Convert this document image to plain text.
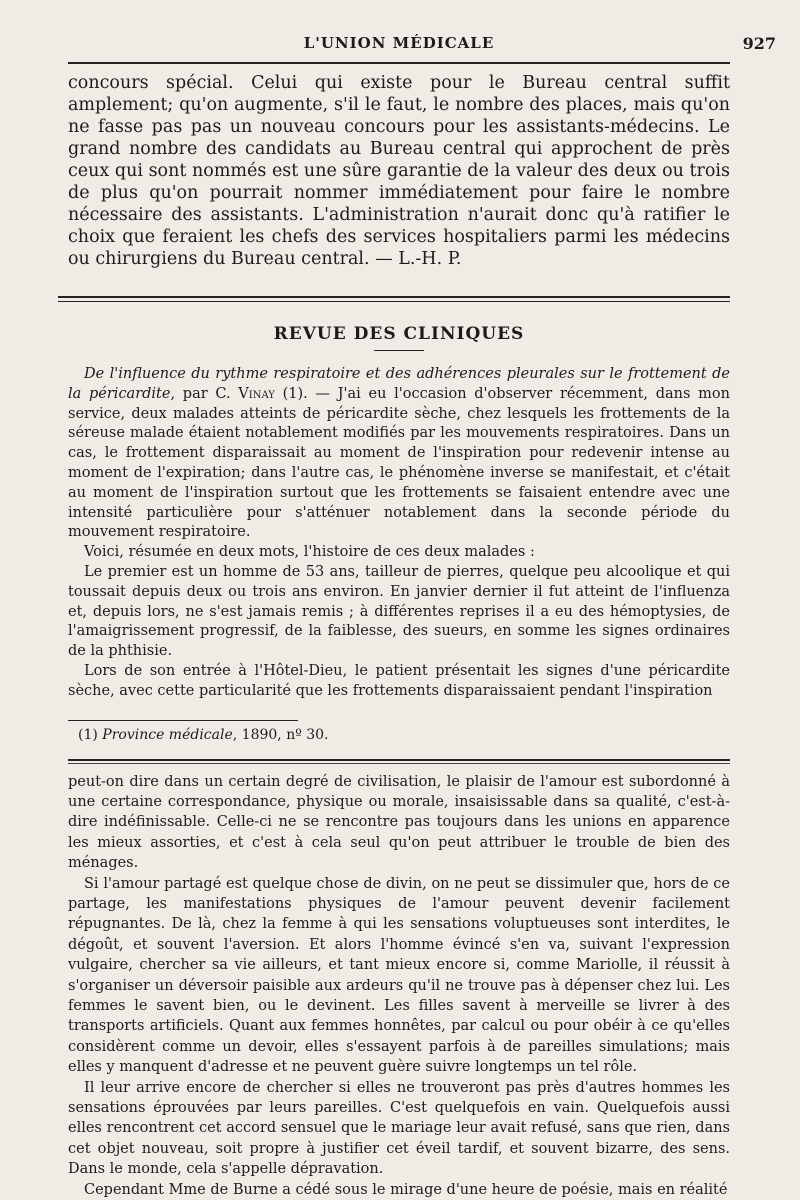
L'UNION MÉDICALE	927

concours spécial. Celui qui existe pour le Bureau central suffit amplement; qu'on augmente, s'il le faut, le nombre des places, mais qu'on ne fasse pas pas un nouveau concours pour les assistants-médecins. Le grand nombre des candidats au Bureau central qui approchent de près ceux qui sont nommés est une sûre garantie de la valeur des deux ou trois de plus qu'on pourrait nommer immédiatement pour faire le nombre nécessaire des assistants. L'administration n'aurait donc qu'à ratifier le choix que feraient les chefs des services hospitaliers parmi les médecins ou chirurgiens du Bureau central. — L.-H. P.

REVUE DES CLINIQUES

De l'influence du rythme respiratoire et des adhérences pleurales sur le frottement de la péricardite, par C. Vinay (1). — J'ai eu l'occasion d'observer récemment, dans mon service, deux malades atteints de péricardite sèche, chez lesquels les frottements de la séreuse malade étaient notablement modifiés par les mouvements respiratoires. Dans un cas, le frottement disparaissait au moment de l'inspiration pour redevenir intense au moment de l'expiration; dans l'autre cas, le phénomène inverse se manifestait, et c'était au moment de l'inspiration surtout que les frottements se faisaient entendre avec une intensité particulière pour s'atténuer notablement dans la seconde période du mouvement respiratoire.

Voici, résumée en deux mots, l'histoire de ces deux malades :

Le premier est un homme de 53 ans, tailleur de pierres, quelque peu alcoolique et qui toussait depuis deux ou trois ans environ. En janvier dernier il fut atteint de l'influenza et, depuis lors, ne s'est jamais remis ; à différentes reprises il a eu des hémoptysies, de l'amaigrissement progressif, de la faiblesse, des sueurs, en somme les signes ordinaires de la phthisie.

Lors de son entrée à l'Hôtel-Dieu, le patient présentait les signes d'une péricardite sèche, avec cette particularité que les frottements disparaissaient pendant l'inspiration

(1) Province médicale, 1890, nº 30.

peut-on dire dans un certain degré de civilisation, le plaisir de l'amour est subordonné à une certaine correspondance, physique ou morale, insaisissable dans sa qualité, c'est-à-dire indéfinissable. Celle-ci ne se rencontre pas toujours dans les unions en apparence les mieux assorties, et c'est à cela seul qu'on peut attribuer le trouble de bien des ménages.

Si l'amour partagé est quelque chose de divin, on ne peut se dissimuler que, hors de ce partage, les manifestations physiques de l'amour peuvent devenir facilement répugnantes. De là, chez la femme à qui les sensations voluptueuses sont interdites, le dégoût, et souvent l'aversion. Et alors l'homme évincé s'en va, suivant l'expression vulgaire, chercher sa vie ailleurs, et tant mieux encore si, comme Mariolle, il réussit à s'organiser un déversoir paisible aux ardeurs qu'il ne trouve pas à dépenser chez lui. Les femmes le savent bien, ou le devinent. Les filles savent à merveille se livrer à des transports artificiels. Quant aux femmes honnêtes, par calcul ou pour obéir à ce qu'elles considèrent comme un devoir, elles s'essayent parfois à de pareilles simulations; mais elles y manquent d'adresse et ne peuvent guère suivre longtemps un tel rôle.

Il leur arrive encore de chercher si elles ne trouveront pas près d'autres hommes les sensations éprouvées par leurs pareilles. C'est quelquefois en vain. Quelquefois aussi elles rencontrent cet accord sensuel que le mariage leur avait refusé, sans que rien, dans cet objet nouveau, soit propre à justifier cet éveil tardif, et souvent bizarre, des sens. Dans le monde, cela s'appelle dépravation.

Cependant Mme de Burne a cédé sous le mirage d'une heure de poésie, mais en réalité
